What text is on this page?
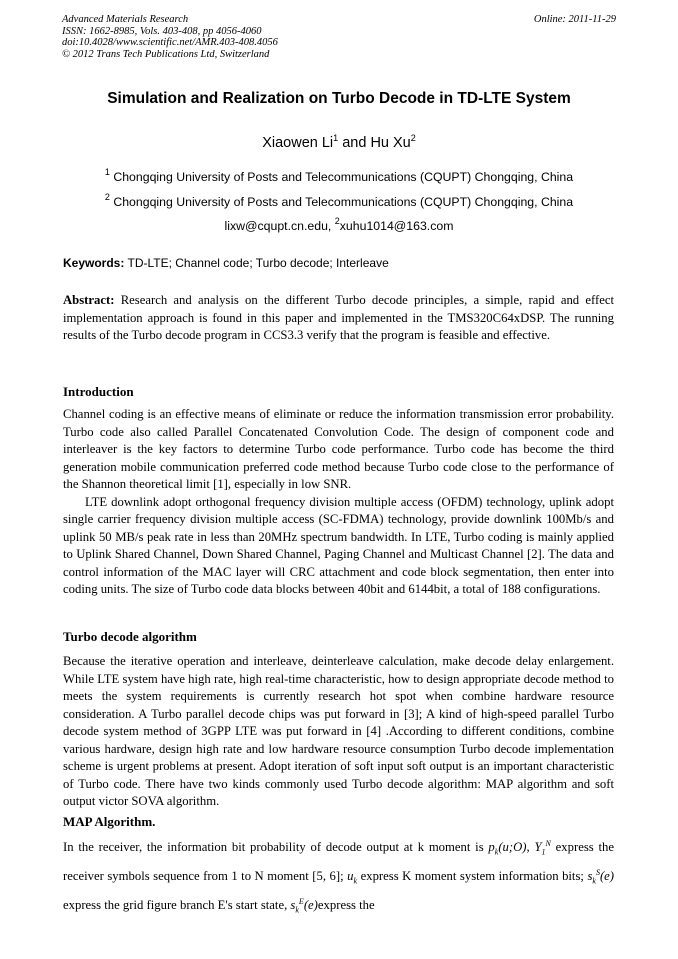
Advanced Materials Research
ISSN: 1662-8985, Vols. 403-408, pp 4056-4060
doi:10.4028/www.scientific.net/AMR.403-408.4056
© 2012 Trans Tech Publications Ltd, Switzerland
Online: 2011-11-29
Simulation and Realization on Turbo Decode in TD-LTE System
Xiaowen Li$^1$ and Hu Xu$^2$
$^1$ Chongqing University of Posts and Telecommunications (CQUPT) Chongqing, China
$^2$ Chongqing University of Posts and Telecommunications (CQUPT) Chongqing, China
lixw@cqupt.cn.edu, $^2$xuhu1014@163.com
Keywords: TD-LTE; Channel code; Turbo decode; Interleave

Abstract: Research and analysis on the different Turbo decode principles, a simple, rapid and effect implementation approach is found in this paper and implemented in the TMS320C64xDSP. The running results of the Turbo decode program in CCS3.3 verify that the program is feasible and effective.

Introduction

Channel coding is an effective means of eliminate or reduce the information transmission error probability. Turbo code also called Parallel Concatenated Convolution Code. The design of component code and interleaver is the key factors to determine Turbo code performance. Turbo code has become the third generation mobile communication preferred code method because Turbo code close to the performance of the Shannon theoretical limit [1], especially in low SNR.

LTE downlink adopt orthogonal frequency division multiple access (OFDM) technology, uplink adopt single carrier frequency division multiple access (SC-FDMA) technology, provide downlink 100Mb/s and uplink 50 MB/s peak rate in less than 20MHz spectrum bandwidth. In LTE, Turbo coding is mainly applied to Uplink Shared Channel, Down Shared Channel, Paging Channel and Multicast Channel [2]. The data and control information of the MAC layer will CRC attachment and code block segmentation, then enter into coding units. The size of Turbo code data blocks between 40bit and 6144bit, a total of 188 configurations.

Turbo decode algorithm

Because the iterative operation and interleave, deinterleave calculation, make decode delay enlargement. While LTE system have high rate, high real-time characteristic, how to design appropriate decode method to meets the system requirements is currently research hot spot when combine hardware resource consideration. A Turbo parallel decode chips was put forward in [3]; A kind of high-speed parallel Turbo decode system method of 3GPP LTE was put forward in [4] .According to different conditions, combine various hardware, design high rate and low hardware resource consumption Turbo decode implementation scheme is urgent problems at present. Adopt iteration of soft input soft output is an important characteristic of Turbo code. There have two kinds commonly used Turbo decode algorithm: MAP algorithm and soft output victor SOVA algorithm.

MAP Algorithm.

In the receiver, the information bit probability of decode output at k moment is $p_k(u;O)$, $Y_1^N$ express the receiver symbols sequence from 1 to N moment [5, 6]; $u_k$ express K moment system information bits; $s_k^S(e)$ express the grid figure branch E's start state, $s_k^E(e)express$ the
